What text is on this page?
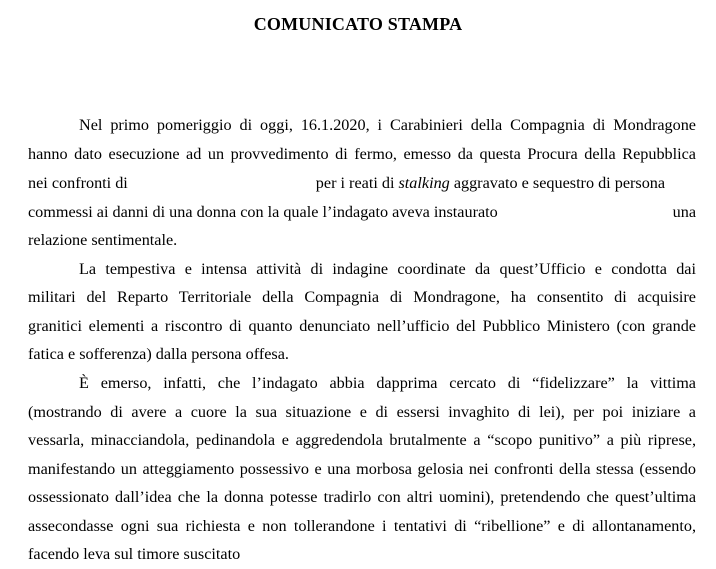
COMUNICATO STAMPA
Nel primo pomeriggio di oggi, 16.1.2020, i Carabinieri della Compagnia di Mondragone
hanno dato esecuzione ad un provvedimento di fermo, emesso da questa Procura della Repubblica
nei confronti di	per i reati di stalking aggravato e sequestro di persona
commessi ai danni di una donna con la quale l’indagato aveva instaurato	una
relazione sentimentale.
La tempestiva e intensa attività di indagine coordinate da quest’Ufficio e condotta dai
militari del Reparto Territoriale della Compagnia di Mondragone, ha consentito di acquisire
granitici elementi a riscontro di quanto denunciato nell’ufficio del Pubblico Ministero (con grande
fatica e sofferenza) dalla persona offesa.
È emerso, infatti, che l’indagato abbia dapprima cercato di “fidelizzare” la vittima
(mostrando di avere a cuore la sua situazione e di essersi invaghito di lei), per poi iniziare a
vessarla, minacciandola, pedinandola e aggredendola brutalmente a “scopo punitivo” a più riprese,
manifestando un atteggiamento possessivo e una morbosa gelosia nei confronti della stessa (essendo
ossessionato dall’idea che la donna potesse tradirlo con altri uomini), pretendendo che quest’ultima
assecondasse ogni sua richiesta e non tollerandone i tentativi di “ribellione” e di allontanamento,
facendo leva sul timore suscitato
